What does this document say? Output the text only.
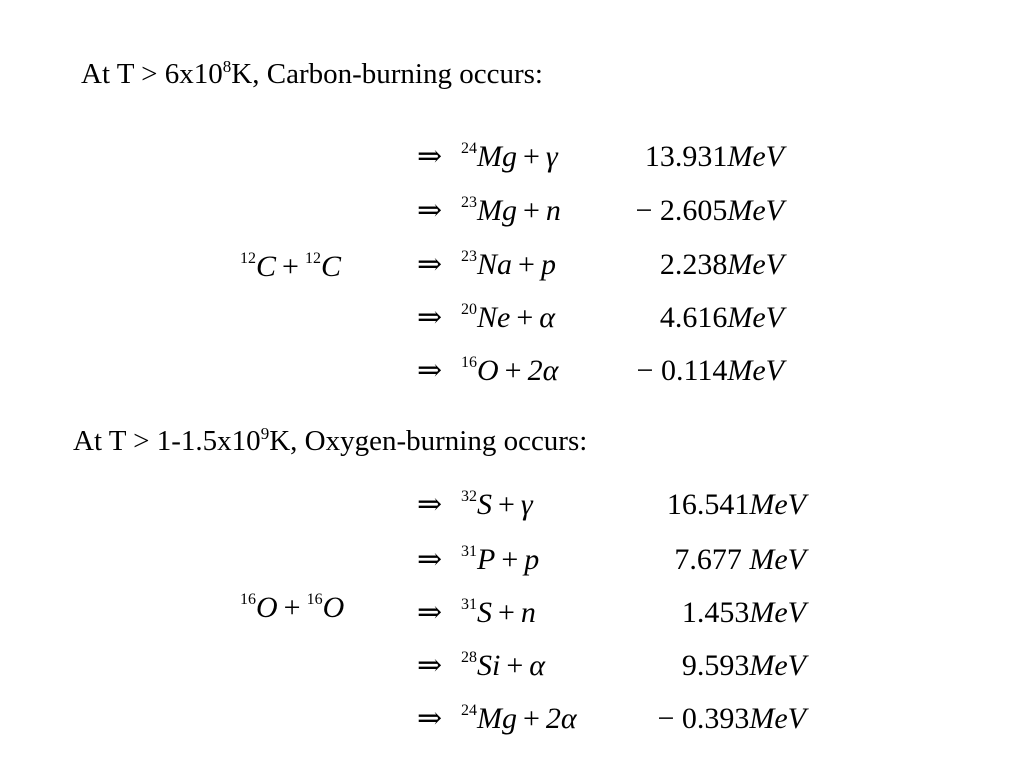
At $T > 6x10^8K$, Carbon-burning occurs:
$^{12}$C + $^{12}$C
⇒ $^{24}$Mg + γ	13.931MeV
⇒ $^{23}$Mg + n − 2.605MeV
⇒ $^{23}$Na + p	2.238MeV
⇒ $^{20}$Ne + α	4.616MeV
⇒ $^{16}$O + 2α	− 0.114MeV
At $T > 1-1.5x10^9K$, Oxygen-burning occurs:
$^{16}$O + $^{16}$O
⇒ $^{32}$S + γ	16.541MeV
⇒ $^{31}$P + p	7.677 MeV
⇒ $^{31}$S + n	1.453MeV
⇒ $^{28}$Si + α	9.593MeV
⇒ $^{24}$Mg + 2α	− 0.393MeV
